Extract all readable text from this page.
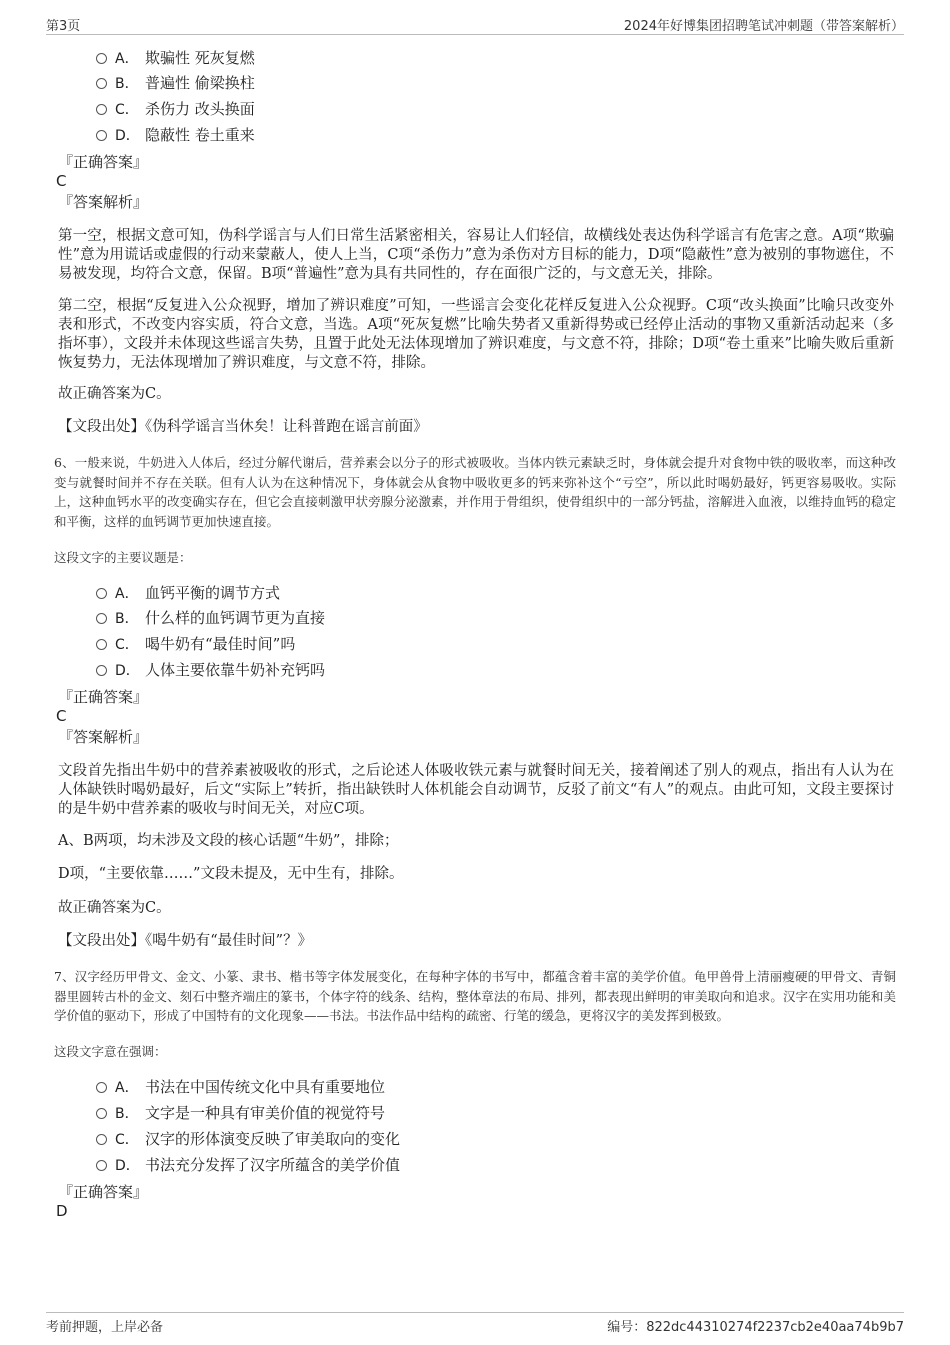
第3页	2024年好博集团招聘笔试冲刺题（带答案解析）
A． 欺骗性 死灰复燃
B． 普遍性 偷梁换柱
C． 杀伤力 改头换面
D． 隐蔽性 卷土重来
『正确答案』
C
『答案解析』

第一空，根据文意可知，伪科学谣言与人们日常生活紧密相关，容易让人们轻信，故横线处表达伪科学谣言有危害之意。A项“欺骗性”意为用谎话或虚假的行动来蒙蔽人，使人上当，C项“杀伤力”意为杀伤对方目标的能力，D项“隐蔽性”意为被别的事物遮住，不易被发现，均符合文意，保留。B项“普遍性”意为具有共同性的，存在面很广泛的，与文意无关，排除。

第二空，根据“反复进入公众视野，增加了辨识难度”可知，一些谣言会变化花样反复进入公众视野。C项“改头换面”比喻只改变外表和形式，不改变内容实质，符合文意，当选。A项“死灰复燃”比喻失势者又重新得势或已经停止活动的事物又重新活动起来（多指坏事），文段并未体现这些谣言失势，且置于此处无法体现增加了辨识难度，与文意不符，排除；D项“卷土重来”比喻失败后重新恢复势力，无法体现增加了辨识难度，与文意不符，排除。

故正确答案为C。
【文段出处】《伪科学谣言当休矣！让科普跑在谣言前面》

6、一般来说，牛奶进入人体后，经过分解代谢后，营养素会以分子的形式被吸收。当体内铁元素缺乏时，身体就会提升对食物中铁的吸收率，而这种改变与就餐时间并不存在关联。但有人认为在这种情况下，身体就会从食物中吸收更多的钙来弥补这个“亏空”，所以此时喝奶最好，钙更容易吸收。实际上，这种血钙水平的改变确实存在，但它会直接刺激甲状旁腺分泌激素，并作用于骨组织，使骨组织中的一部分钙盐，溶解进入血液，以维持血钙的稳定和平衡，这样的血钙调节更加快速直接。

这段文字的主要议题是：
A． 血钙平衡的调节方式
B． 什么样的血钙调节更为直接
C． 喝牛奶有“最佳时间”吗
D． 人体主要依靠牛奶补充钙吗
『正确答案』
C
『答案解析』

文段首先指出牛奶中的营养素被吸收的形式，之后论述人体吸收铁元素与就餐时间无关，接着阐述了别人的观点，指出有人认为在人体缺铁时喝奶最好，后文“实际上”转折，指出缺铁时人体机能会自动调节，反驳了前文“有人”的观点。由此可知，文段主要探讨的是牛奶中营养素的吸收与时间无关，对应C项。

A、B两项，均未涉及文段的核心话题“牛奶”，排除；
D项，“主要依靠……”文段未提及，无中生有，排除。
故正确答案为C。
【文段出处】《喝牛奶有“最佳时间”？》

7、汉字经历甲骨文、金文、小篆、隶书、楷书等字体发展变化，在每种字体的书写中，都蕴含着丰富的美学价值。龟甲兽骨上清丽瘦硬的甲骨文、青铜器里圆转古朴的金文、刻石中整齐端庄的篆书，个体字符的线条、结构，整体章法的布局、排列，都表现出鲜明的审美取向和追求。汉字在实用功能和美学价值的驱动下，形成了中国特有的文化现象——书法。书法作品中结构的疏密、行笔的缓急，更将汉字的美发挥到极致。

这段文字意在强调：
A． 书法在中国传统文化中具有重要地位
B． 文字是一种具有审美价值的视觉符号
C． 汉字的形体演变反映了审美取向的变化
D． 书法充分发挥了汉字所蕴含的美学价值
『正确答案』
D
考前押题，上岸必备	编号：822dc44310274f2237cb2e40aa74b9b7
